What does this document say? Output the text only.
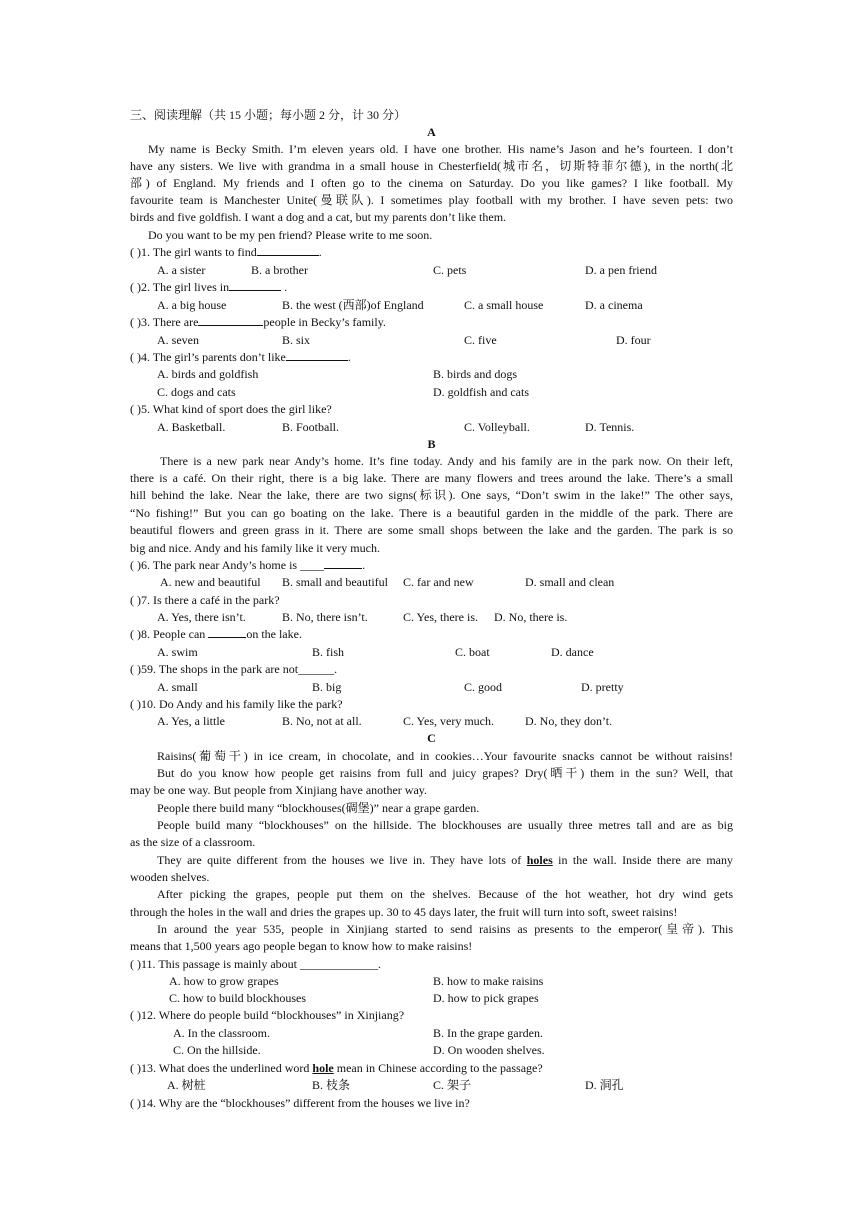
三、阅读理解（共 15 小题；每小题 2 分，计 30 分）
A
My name is Becky Smith. I’m eleven years old. I have one brother. His name’s Jason and he’s fourteen. I don’t
have any sisters. We live with grandma in a small house in Chesterfield(城市名，切斯特菲尔德), in the north(北
部) of England. My friends and I often go to the cinema on Saturday. Do you like games? I like football. My
favourite team is Manchester Unite(曼联队). I sometimes play football with my brother. I have seven pets: two
birds and five goldfish. I want a dog and a cat, but my parents don’t like them.
Do you want to be my pen friend? Please write to me soon.
( )1. The girl wants to find	.
A. a sister	B. a brother	C. pets	D. a pen friend
( )2. The girl lives in	.
A. a big house	B. the west (西部)of England	C. a small house	D. a cinema
( )3. There are	people in Becky’s family.
A. seven	B. six	C. five	D. four
( )4. The girl’s parents don’t like	.
A. birds and goldfish	B. birds and dogs
C. dogs and cats	D. goldfish and cats
( )5. What kind of sport does the girl like?
A. Basketball.	B. Football.	C. Volleyball.	D. Tennis.
B
There is a new park near Andy’s home. It’s fine today. Andy and his family are in the park now. On their left,
there is a café. On their right, there is a big lake. There are many flowers and trees around the lake. There’s a small
hill behind the lake. Near the lake, there are two signs(标识). One says, “Don’t swim in the lake!” The other says,
“No fishing!” But you can go boating on the lake. There is a beautiful garden in the middle of the park. There are
beautiful flowers and green grass in it. There are some small shops between the lake and the garden. The park is so
big and nice. Andy and his family like it very much.
( )6. The park near Andy’s home is ____	.
A. new and beautiful B. small and beautiful C. far and new	D. small and clean
( )7. Is there a café in the park?
A. Yes, there isn’t.	B. No, there isn’t.	C. Yes, there is. D. No, there is.
( )8. People can	on the lake.
A. swim	B. fish	C. boat	D. dance
( )59. The shops in the park are not______.
A. small	B. big	C. good	D. pretty
( )10. Do Andy and his family like the park?
A. Yes, a little	B. No, not at all.	C. Yes, very much.	D. No, they don’t.
C
Raisins(葡萄干) in ice cream, in chocolate, and in cookies…Your favourite snacks cannot be without raisins!
But do you know how people get raisins from full and juicy grapes? Dry(晒干) them in the sun? Well, that
may be one way. But people from Xinjiang have another way.
People there build many “blockhouses(碉堡)” near a grape garden.
People build many “blockhouses” on the hillside. The blockhouses are usually three metres tall and are as big
as the size of a classroom.
They are quite different from the houses we live in. They have lots of holes in the wall. Inside there are many
wooden shelves.
After picking the grapes, people put them on the shelves. Because of the hot weather, hot dry wind gets
through the holes in the wall and dries the grapes up. 30 to 45 days later, the fruit will turn into soft, sweet raisins!
In around the year 535, people in Xinjiang started to send raisins as presents to the emperor(皇帝). This
means that 1,500 years ago people began to know how to make raisins!
( )11. This passage is mainly about _____________.
A. how to grow grapes	B. how to make raisins
C. how to build blockhouses	D. how to pick grapes
( )12. Where do people build “blockhouses” in Xinjiang?
A. In the classroom.	B. In the grape garden.
C. On the hillside.	D. On wooden shelves.
( )13. What does the underlined word hole mean in Chinese according to the passage?
A. 树桩	B. 枝条	C. 架子	D. 洞孔
( )14. Why are the “blockhouses” different from the houses we live in?
